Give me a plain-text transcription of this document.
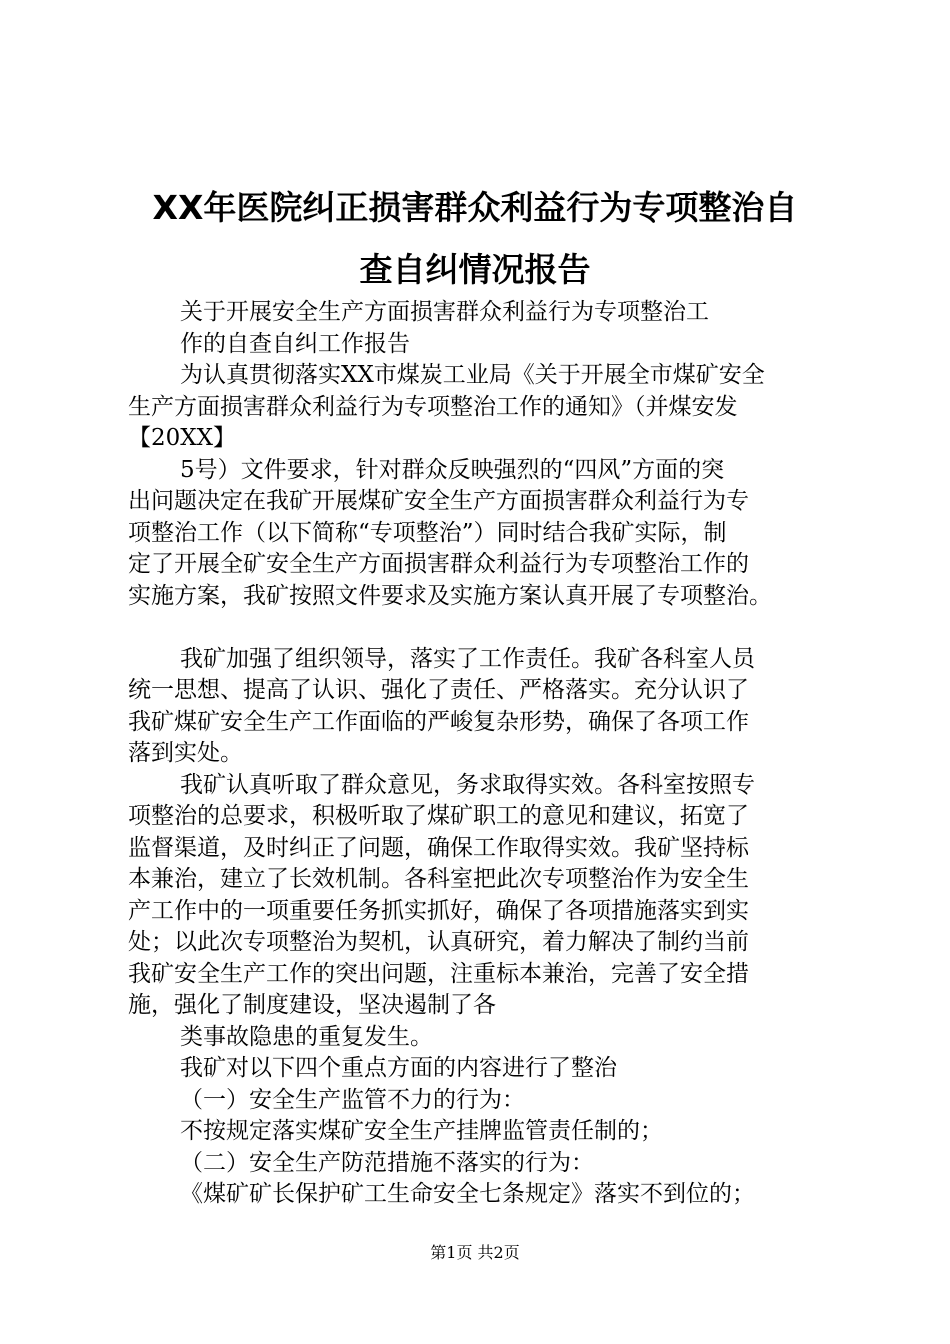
XX年医院纠正损害群众利益行为专项整治自
查自纠情况报告
关于开展安全生产方面损害群众利益行为专项整治工
作的自查自纠工作报告
为认真贯彻落实XX市煤炭工业局《关于开展全市煤矿安全
生产方面损害群众利益行为专项整治工作的通知》（并煤安发
【20XX】
5号）文件要求，针对群众反映强烈的“四风”方面的突
出问题决定在我矿开展煤矿安全生产方面损害群众利益行为专
项整治工作（以下简称“专项整治”）同时结合我矿实际，制
定了开展全矿安全生产方面损害群众利益行为专项整治工作的
实施方案，我矿按照文件要求及实施方案认真开展了专项整治。
我矿加强了组织领导，落实了工作责任。我矿各科室人员
统一思想、提高了认识、强化了责任、严格落实。充分认识了
我矿煤矿安全生产工作面临的严峻复杂形势，确保了各项工作
落到实处。
我矿认真听取了群众意见，务求取得实效。各科室按照专
项整治的总要求，积极听取了煤矿职工的意见和建议，拓宽了
监督渠道，及时纠正了问题，确保工作取得实效。我矿坚持标
本兼治，建立了长效机制。各科室把此次专项整治作为安全生
产工作中的一项重要任务抓实抓好，确保了各项措施落实到实
处；以此次专项整治为契机，认真研究，着力解决了制约当前
我矿安全生产工作的突出问题，注重标本兼治，完善了安全措
施，强化了制度建设，坚决遏制了各
类事故隐患的重复发生。
我矿对以下四个重点方面的内容进行了整治
（一）安全生产监管不力的行为：
不按规定落实煤矿安全生产挂牌监管责任制的；
（二）安全生产防范措施不落实的行为：
《煤矿矿长保护矿工生命安全七条规定》落实不到位的；
第1页 共2页
